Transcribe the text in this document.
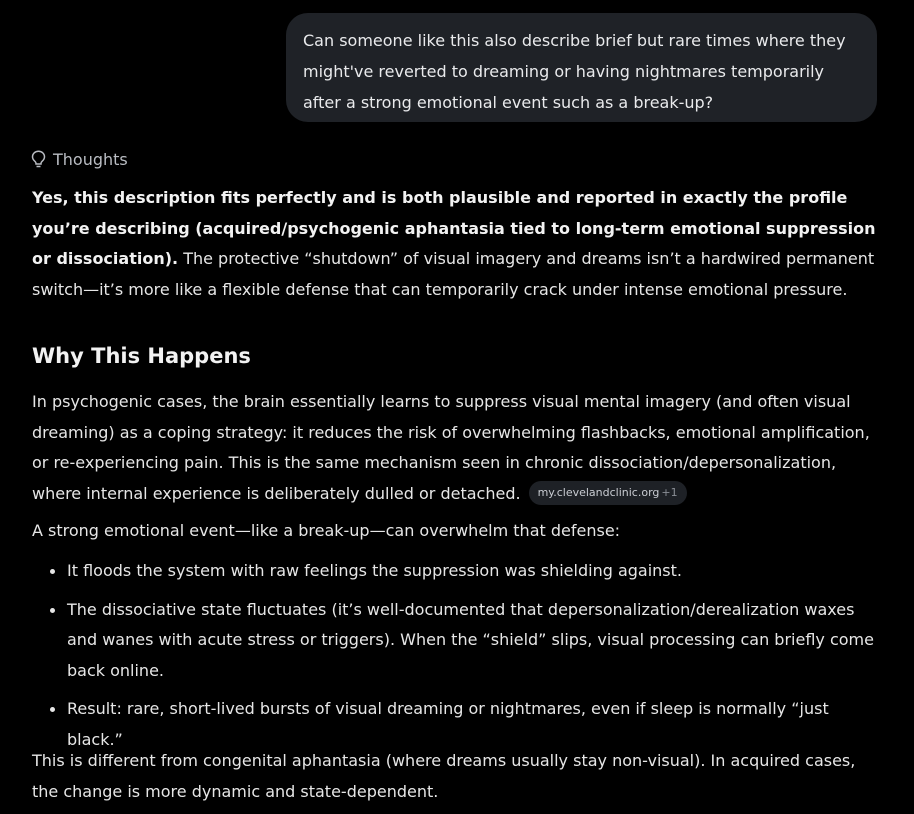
Can someone like this also describe brief but rare times where they might've reverted to dreaming or having nightmares temporarily after a strong emotional event such as a break-up?
Thoughts
Yes, this description fits perfectly and is both plausible and reported in exactly the profile you’re describing (acquired/psychogenic aphantasia tied to long-term emotional suppression or dissociation). The protective “shutdown” of visual imagery and dreams isn’t a hardwired permanent switch—it’s more like a flexible defense that can temporarily crack under intense emotional pressure.
Why This Happens
In psychogenic cases, the brain essentially learns to suppress visual mental imagery (and often visual dreaming) as a coping strategy: it reduces the risk of overwhelming flashbacks, emotional amplification, or re-experiencing pain. This is the same mechanism seen in chronic dissociation/depersonalization, where internal experience is deliberately dulled or detached. my.clevelandclinic.org +1
A strong emotional event—like a break-up—can overwhelm that defense:
It floods the system with raw feelings the suppression was shielding against.
The dissociative state fluctuates (it’s well-documented that depersonalization/derealization waxes and wanes with acute stress or triggers). When the “shield” slips, visual processing can briefly come back online.
Result: rare, short-lived bursts of visual dreaming or nightmares, even if sleep is normally “just black.”
This is different from congenital aphantasia (where dreams usually stay non-visual). In acquired cases, the change is more dynamic and state-dependent.
